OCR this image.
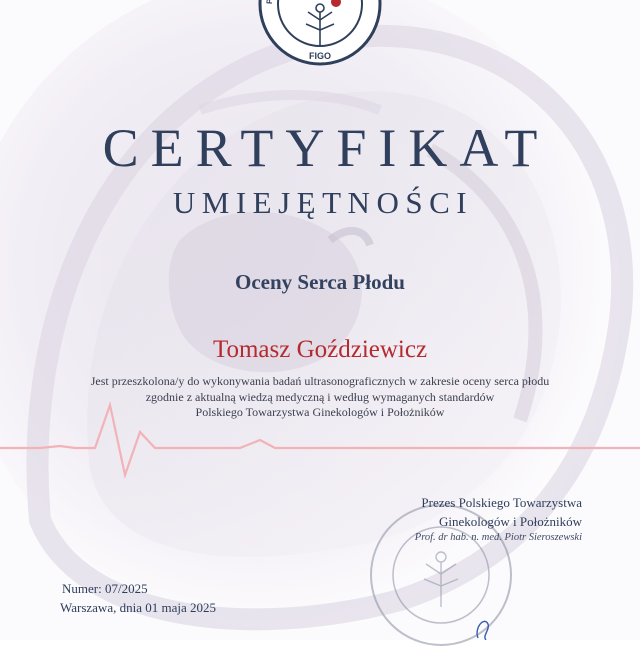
P
FIGO
CERTYFIKAT
UMIEJĘTNOŚCI
Oceny Serca Płodu
Tomasz Goździewicz
Jest przeszkolona/y do wykonywania badań ultrasonograficznych w zakresie oceny serca płodu
zgodnie z aktualną wiedzą medyczną i według wymaganych standardów
Polskiego Towarzystwa Ginekologów i Położników
Prezes Polskiego Towarzystwa
Ginekologów i Położników
Prof. dr hab. n. med. Piotr Sieroszewski
Numer: 07/2025
Warszawa, dnia 01 maja 2025
